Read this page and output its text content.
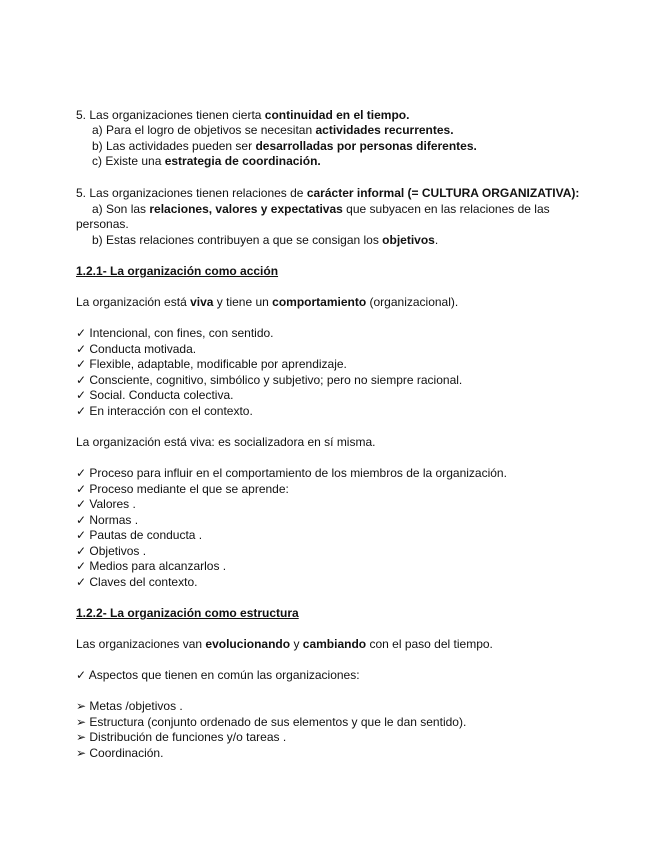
5. Las organizaciones tienen cierta continuidad en el tiempo.
a) Para el logro de objetivos se necesitan actividades recurrentes.
b) Las actividades pueden ser desarrolladas por personas diferentes.
c) Existe una estrategia de coordinación.
5. Las organizaciones tienen relaciones de carácter informal (= CULTURA ORGANIZATIVA):
a) Son las relaciones, valores y expectativas que subyacen en las relaciones de las
personas.
b) Estas relaciones contribuyen a que se consigan los objetivos.
1.2.1- La organización como acción
La organización está viva y tiene un comportamiento (organizacional).
✓ Intencional, con fines, con sentido.
✓ Conducta motivada.
✓ Flexible, adaptable, modificable por aprendizaje.
✓ Consciente, cognitivo, simbólico y subjetivo; pero no siempre racional.
✓ Social. Conducta colectiva.
✓ En interacción con el contexto.
La organización está viva: es socializadora en sí misma.
✓ Proceso para influir en el comportamiento de los miembros de la organización.
✓ Proceso mediante el que se aprende:
✓ Valores .
✓ Normas .
✓ Pautas de conducta .
✓ Objetivos .
✓ Medios para alcanzarlos .
✓ Claves del contexto.
1.2.2- La organización como estructura
Las organizaciones van evolucionando y cambiando con el paso del tiempo.
✓ Aspectos que tienen en común las organizaciones:
➢ Metas /objetivos .
➢ Estructura (conjunto ordenado de sus elementos y que le dan sentido).
➢ Distribución de funciones y/o tareas .
➢ Coordinación.
